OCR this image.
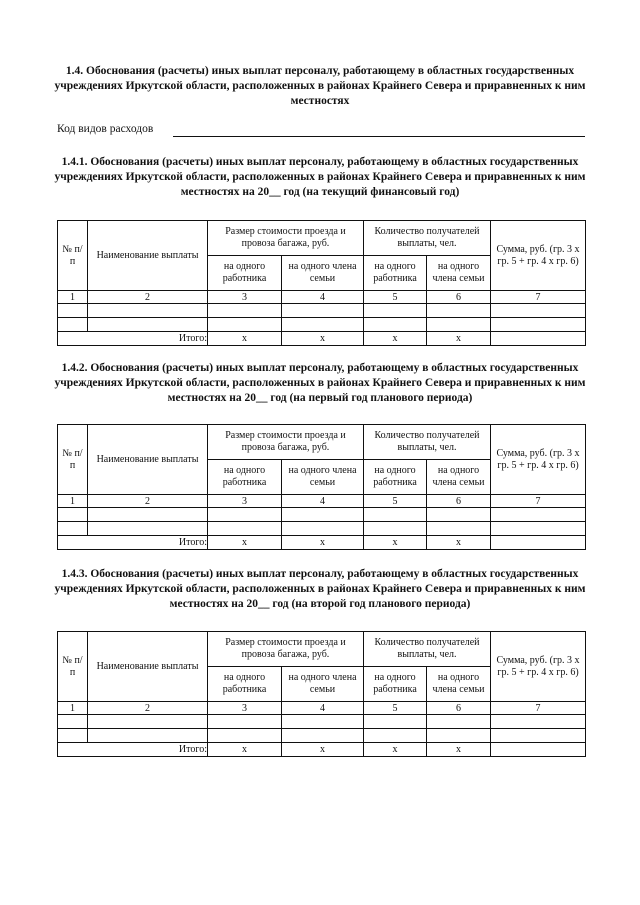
1.4. Обоснования (расчеты) иных выплат персоналу, работающему в областных государственных учреждениях Иркутской области, расположенных в районах Крайнего Севера и приравненных к ним местностях

Код видов расходов

1.4.1. Обоснования (расчеты) иных выплат персоналу, работающему в областных государственных учреждениях Иркутской области, расположенных в районах Крайнего Севера и приравненных к ним местностях на 20__ год (на текущий финансовый год)

№ п/п	Наименование выплаты	Размер стоимости проезда и провоза багажа, руб.		Количество получателей выплаты, чел.		Сумма, руб. (гр. 3 x гр. 5 + гр. 4 x гр. 6)
		на одного работника	на одного члена семьи	на одного работника	на одного члена семьи	
1	2	3	4	5	6	7

Итого:		x	x	x	x	

1.4.2. Обоснования (расчеты) иных выплат персоналу, работающему в областных государственных учреждениях Иркутской области, расположенных в районах Крайнего Севера и приравненных к ним местностях на 20__ год (на первый год планового периода)

№ п/п	Наименование выплаты	Размер стоимости проезда и провоза багажа, руб.		Количество получателей выплаты, чел.		Сумма, руб. (гр. 3 x гр. 5 + гр. 4 x гр. 6)
		на одного работника	на одного члена семьи	на одного работника	на одного члена семьи	
1	2	3	4	5	6	7

Итого:		x	x	x	x	

1.4.3. Обоснования (расчеты) иных выплат персоналу, работающему в областных государственных учреждениях Иркутской области, расположенных в районах Крайнего Севера и приравненных к ним местностях на 20__ год (на второй год планового периода)

№ п/п	Наименование выплаты	Размер стоимости проезда и провоза багажа, руб.		Количество получателей выплаты, чел.		Сумма, руб. (гр. 3 x гр. 5 + гр. 4 x гр. 6)
		на одного работника	на одного члена семьи	на одного работника	на одного члена семьи	
1	2	3	4	5	6	7

Итого:		x	x	x	x	
